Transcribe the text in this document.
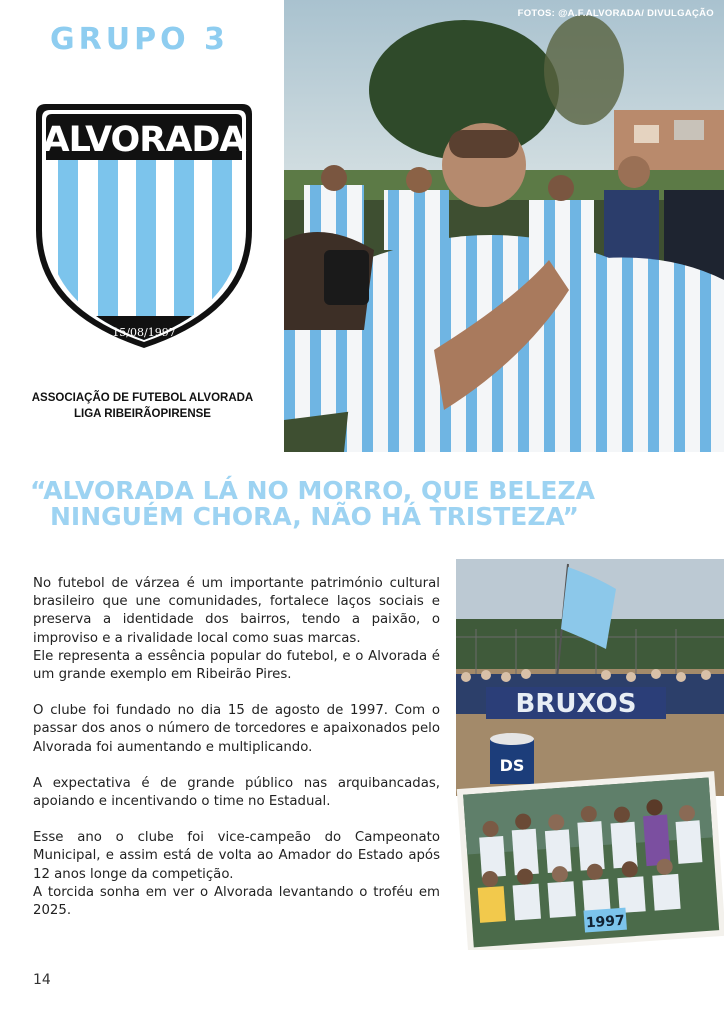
GRUPO 3
ALVORADA
15/08/1997
ASSOCIAÇÃO DE FUTEBOL ALVORADA
LIGA RIBEIRÃOPIRENSE
FOTOS: @A.F.ALVORADA/ DIVULGAÇÃO
“ALVORADA LÁ NO MORRO, QUE BELEZA
NINGUÉM CHORA, NÃO HÁ TRISTEZA”

No futebol de várzea é um importante património cultural brasileiro que une comunidades, fortalece laços sociais e preserva a identidade dos bairros, tendo a paixão, o improviso e a rivalidade local como suas marcas.

Ele representa a essência popular do futebol, e o Alvorada é um grande exemplo em Ribeirão Pires.

O clube foi fundado no dia 15 de agosto de 1997. Com o passar dos anos o número de torcedores e apaixonados pelo Alvorada foi aumentando e multiplicando.

A expectativa é de grande público nas arquibancadas, apoiando e incentivando o time no Estadual.

Esse ano o clube foi vice-campeão do Campeonato Municipal, e assim está de volta ao Amador do Estado após 12 anos longe da competição.

A torcida sonha em ver o Alvorada levantando o troféu em 2025.

BRUXOS
DS
1997
14
